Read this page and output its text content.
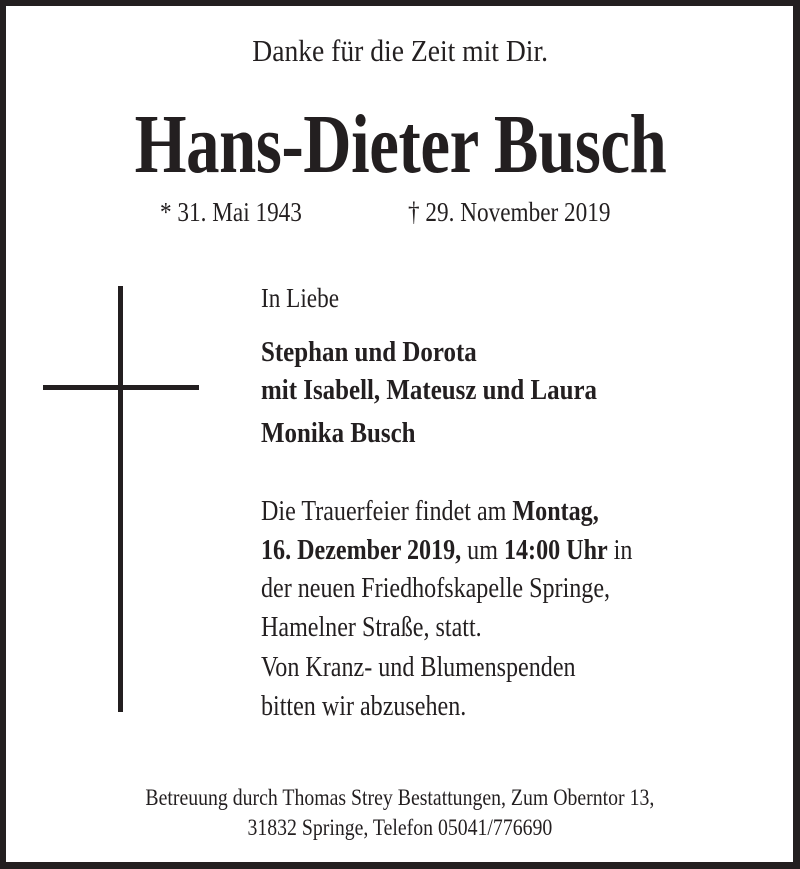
Danke für die Zeit mit Dir.
Hans-Dieter Busch
* 31. Mai 1943	† 29. November 2019
In Liebe
Stephan und Dorota
mit Isabell, Mateusz und Laura
Monika Busch
Die Trauerfeier findet am Montag,
16. Dezember 2019, um 14:00 Uhr in
der neuen Friedhofskapelle Springe,
Hamelner Straße, statt.
Von Kranz- und Blumenspenden
bitten wir abzusehen.
Betreuung durch Thomas Strey Bestattungen, Zum Oberntor 13,
31832 Springe, Telefon 05041/776690
